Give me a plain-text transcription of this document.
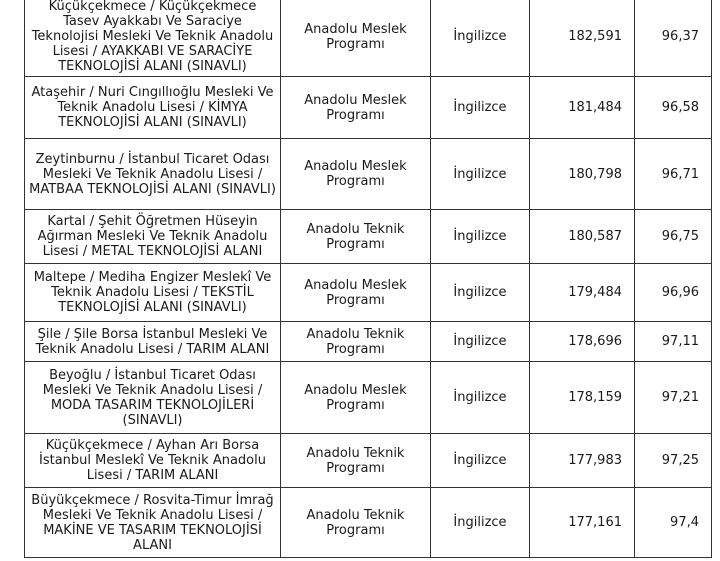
Küçükçekmece / Küçükçekmece Tasev Ayakkabı Ve Saraciye Teknolojisi Mesleki Ve Teknik Anadolu Lisesi / AYAKKABI VE SARACİYE TEKNOLOJİSİ ALANI (SINAVLI)	Anadolu Meslek Programı	İngilizce	182,591	96,37
Ataşehir / Nuri Cıngıllıoğlu Mesleki Ve Teknik Anadolu Lisesi / KİMYA TEKNOLOJİSİ ALANI (SINAVLI)	Anadolu Meslek Programı	İngilizce	181,484	96,58
Zeytinburnu / İstanbul Ticaret Odası Mesleki Ve Teknik Anadolu Lisesi / MATBAA TEKNOLOJİSİ ALANI (SINAVLI)	Anadolu Meslek Programı	İngilizce	180,798	96,71
Kartal / Şehit Öğretmen Hüseyin Ağırman Mesleki Ve Teknik Anadolu Lisesi / METAL TEKNOLOJİSİ ALANI	Anadolu Teknik Programı	İngilizce	180,587	96,75
Maltepe / Mediha Engizer Meslekî Ve Teknik Anadolu Lisesi / TEKSTİL TEKNOLOJİSİ ALANI (SINAVLI)	Anadolu Meslek Programı	İngilizce	179,484	96,96
Şile / Şile Borsa İstanbul Mesleki Ve Teknik Anadolu Lisesi / TARIM ALANI	Anadolu Teknik Programı	İngilizce	178,696	97,11
Beyoğlu / İstanbul Ticaret Odası Mesleki Ve Teknik Anadolu Lisesi / MODA TASARIM TEKNOLOJİLERİ (SINAVLI)	Anadolu Meslek Programı	İngilizce	178,159	97,21
Küçükçekmece / Ayhan Arı Borsa İstanbul Meslekî Ve Teknik Anadolu Lisesi / TARIM ALANI	Anadolu Teknik Programı	İngilizce	177,983	97,25
Büyükçekmece / Rosvita-Timur İmrağ Mesleki Ve Teknik Anadolu Lisesi / MAKİNE VE TASARIM TEKNOLOJİSİ ALANI	Anadolu Teknik Programı	İngilizce	177,161	97,4
